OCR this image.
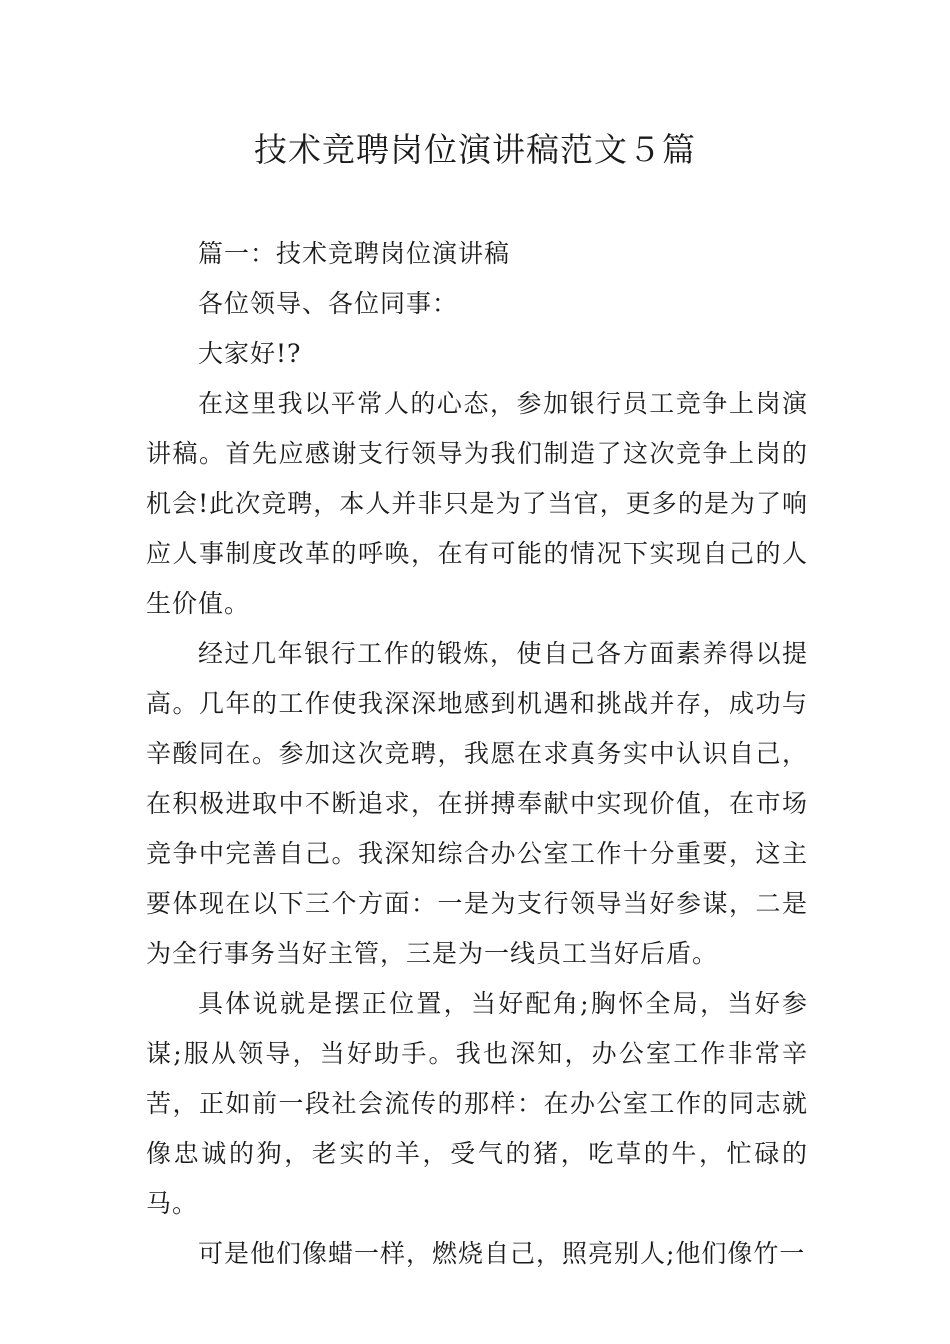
技术竞聘岗位演讲稿范文５篇

篇一：技术竞聘岗位演讲稿

各位领导、各位同事：

大家好!?

在这里我以平常人的心态，参加银行员工竞争上岗演讲稿。首先应感谢支行领导为我们制造了这次竞争上岗的机会!此次竞聘，本人并非只是为了当官，更多的是为了响应人事制度改革的呼唤，在有可能的情况下实现自己的人生价值。

经过几年银行工作的锻炼，使自己各方面素养得以提高。几年的工作使我深深地感到机遇和挑战并存，成功与辛酸同在。参加这次竞聘，我愿在求真务实中认识自己，在积极进取中不断追求，在拼搏奉献中实现价值，在市场竞争中完善自己。我深知综合办公室工作十分重要，这主要体现在以下三个方面：一是为支行领导当好参谋，二是为全行事务当好主管，三是为一线员工当好后盾。

具体说就是摆正位置，当好配角;胸怀全局，当好参谋;服从领导，当好助手。我也深知，办公室工作非常辛苦，正如前一段社会流传的那样：在办公室工作的同志就像忠诚的狗，老实的羊，受气的猪，吃草的牛，忙碌的马。

可是他们像蜡一样，燃烧自己，照亮别人;他们像竹一
